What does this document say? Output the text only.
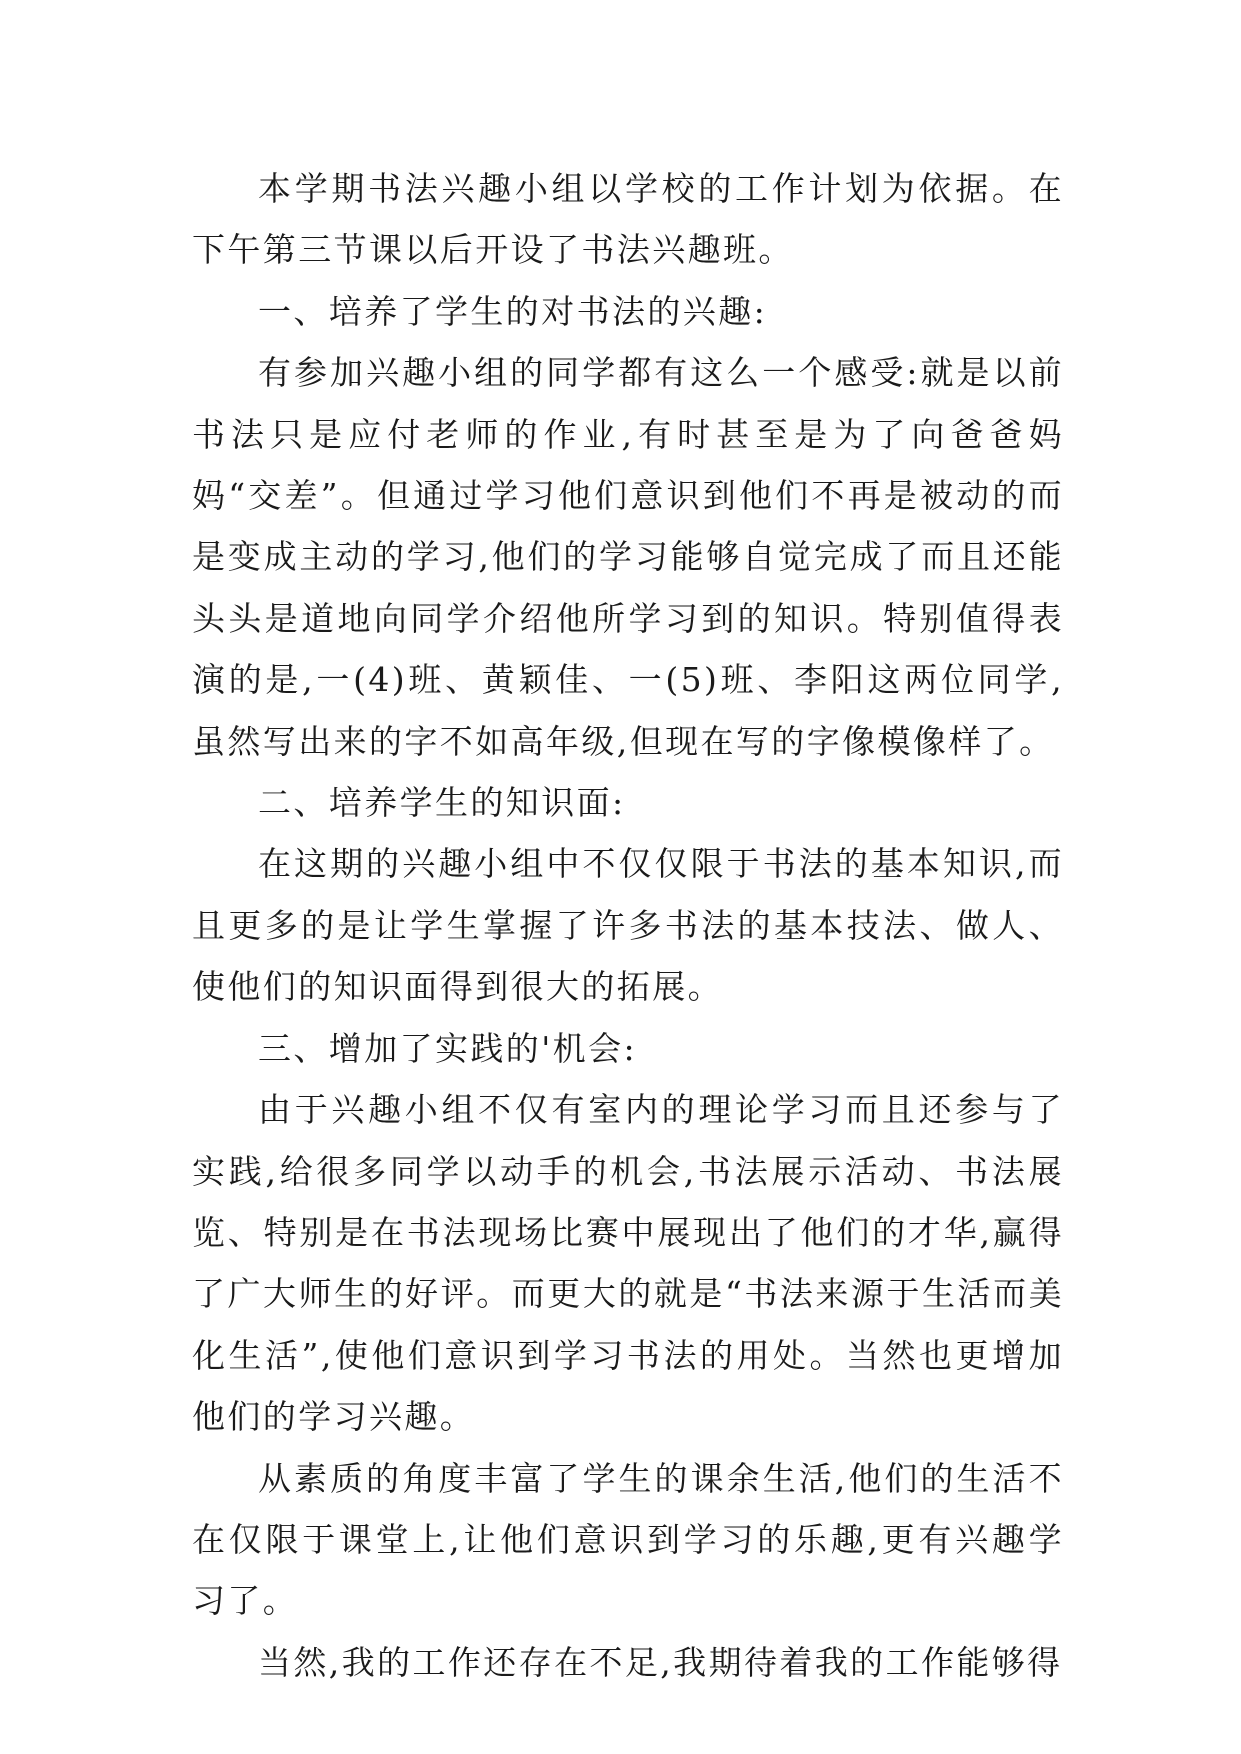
本学期书法兴趣小组以学校的工作计划为依据。在下午第三节课以后开设了书法兴趣班。

一、培养了学生的对书法的兴趣:

有参加兴趣小组的同学都有这么一个感受:就是以前书法只是应付老师的作业,有时甚至是为了向爸爸妈妈“交差”。但通过学习他们意识到他们不再是被动的而是变成主动的学习,他们的学习能够自觉完成了而且还能头头是道地向同学介绍他所学习到的知识。特别值得表演的是,一(4)班、黄颖佳、一(5)班、李阳这两位同学,虽然写出来的字不如高年级,但现在写的字像模像样了。

二、培养学生的知识面:

在这期的兴趣小组中不仅仅限于书法的基本知识,而且更多的是让学生掌握了许多书法的基本技法、做人、使他们的知识面得到很大的拓展。

三、增加了实践的'机会:

由于兴趣小组不仅有室内的理论学习而且还参与了实践,给很多同学以动手的机会,书法展示活动、书法展览、特别是在书法现场比赛中展现出了他们的才华,赢得了广大师生的好评。而更大的就是“书法来源于生活而美化生活”,使他们意识到学习书法的用处。当然也更增加他们的学习兴趣。

从素质的角度丰富了学生的课余生活,他们的生活不在仅限于课堂上,让他们意识到学习的乐趣,更有兴趣学习了。

当然,我的工作还存在不足,我期待着我的工作能够得
